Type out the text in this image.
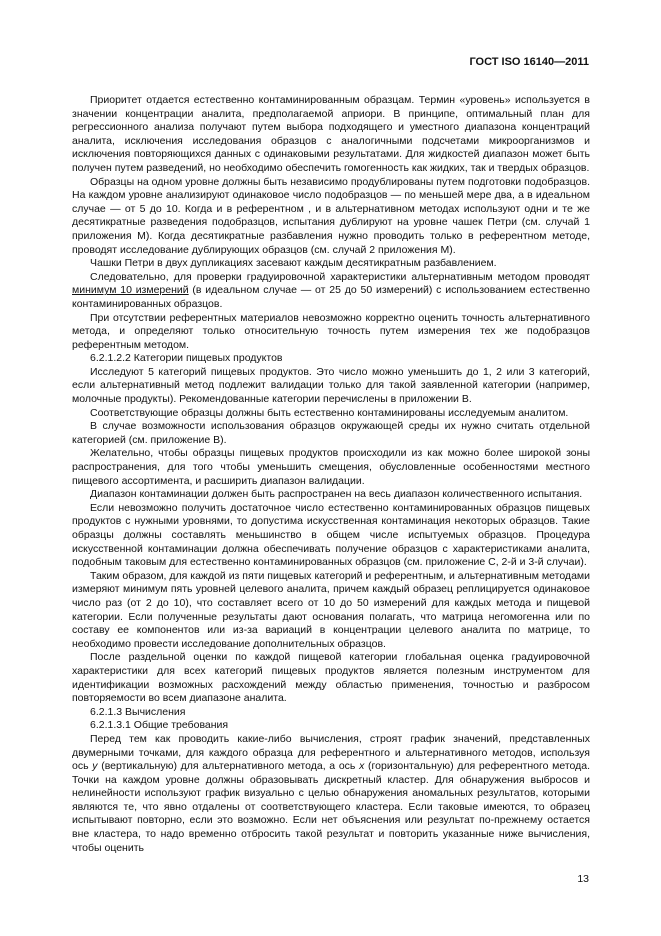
ГОСТ ISO 16140—2011

Приоритет отдается естественно контаминированным образцам. Термин «уровень» используется в значении концентрации аналита, предполагаемой априори. В принципе, оптимальный план для регрессионного анализа получают путем выбора подходящего и уместного диапазона концентраций аналита, исключения исследования образцов с аналогичными подсчетами микроорганизмов и исключения повторяющихся данных с одинаковыми результатами. Для жидкостей диапазон может быть получен путем разведений, но необходимо обеспечить гомогенность как жидких, так и твердых образцов.

Образцы на одном уровне должны быть независимо продублированы путем подготовки подобразцов. На каждом уровне анализируют одинаковое число подобразцов — по меньшей мере два, а в идеальном случае — от 5 до 10. Когда и в референтном , и в альтернативном методах используют одни и те же десятикратные разведения подобразцов, испытания дублируют на уровне чашек Петри (см. случай 1 приложения М). Когда десятикратные разбавления нужно проводить только в референтном методе, проводят исследование дублирующих образцов (см. случай 2 приложения М).

Чашки Петри в двух дупликациях засевают каждым десятикратным разбавлением.

Следовательно, для проверки градуировочной характеристики альтернативным методом проводят минимум 10 измерений (в идеальном случае — от 25 до 50 измерений) с использованием естественно контаминированных образцов.

При отсутствии референтных материалов невозможно корректно оценить точность альтернативного метода, и определяют только относительную точность путем измерения тех же подобразцов референтным методом.

6.2.1.2.2 Категории пищевых продуктов

Исследуют 5 категорий пищевых продуктов. Это число можно уменьшить до 1, 2 или 3 категорий, если альтернативный метод подлежит валидации только для такой заявленной категории (например, молочные продукты). Рекомендованные категории перечислены в приложении В.

Соответствующие образцы должны быть естественно контаминированы исследуемым аналитом.

В случае возможности использования образцов окружающей среды их нужно считать отдельной категорией (см. приложение В).

Желательно, чтобы образцы пищевых продуктов происходили из как можно более широкой зоны распространения, для того чтобы уменьшить смещения, обусловленные особенностями местного пищевого ассортимента, и расширить диапазон валидации.

Диапазон контаминации должен быть распространен на весь диапазон количественного испытания.

Если невозможно получить достаточное число естественно контаминированных образцов пищевых продуктов с нужными уровнями, то допустима искусственная контаминация некоторых образцов. Такие образцы должны составлять меньшинство в общем числе испытуемых образцов. Процедура искусственной контаминации должна обеспечивать получение образцов с характеристиками аналита, подобным таковым для естественно контаминированных образцов (см. приложение С, 2-й и 3-й случаи).

Таким образом, для каждой из пяти пищевых категорий и референтным, и альтернативным методами измеряют минимум пять уровней целевого аналита, причем каждый образец реплицируется одинаковое число раз (от 2 до 10), что составляет всего от 10 до 50 измерений для каждых метода и пищевой категории. Если полученные результаты дают основания полагать, что матрица негомогенна или по составу ее компонентов или из-за вариаций в концентрации целевого аналита по матрице, то необходимо провести исследование дополнительных образцов.

После раздельной оценки по каждой пищевой категории глобальная оценка градуировочной характеристики для всех категорий пищевых продуктов является полезным инструментом для идентификации возможных расхождений между областью применения, точностью и разбросом повторяемости во всем диапазоне аналита.

6.2.1.3 Вычисления

6.2.1.3.1 Общие требования

Перед тем как проводить какие-либо вычисления, строят график значений, представленных двумерными точками, для каждого образца для референтного и альтернативного методов, используя ось y (вертикальную) для альтернативного метода, а ось x (горизонтальную) для референтного метода. Точки на каждом уровне должны образовывать дискретный кластер. Для обнаружения выбросов и нелинейности используют график визуально с целью обнаружения аномальных результатов, которыми являются те, что явно отдалены от соответствующего кластера. Если таковые имеются, то образец испытывают повторно, если это возможно. Если нет объяснения или результат по-прежнему остается вне кластера, то надо временно отбросить такой результат и повторить указанные ниже вычисления, чтобы оценить

13
